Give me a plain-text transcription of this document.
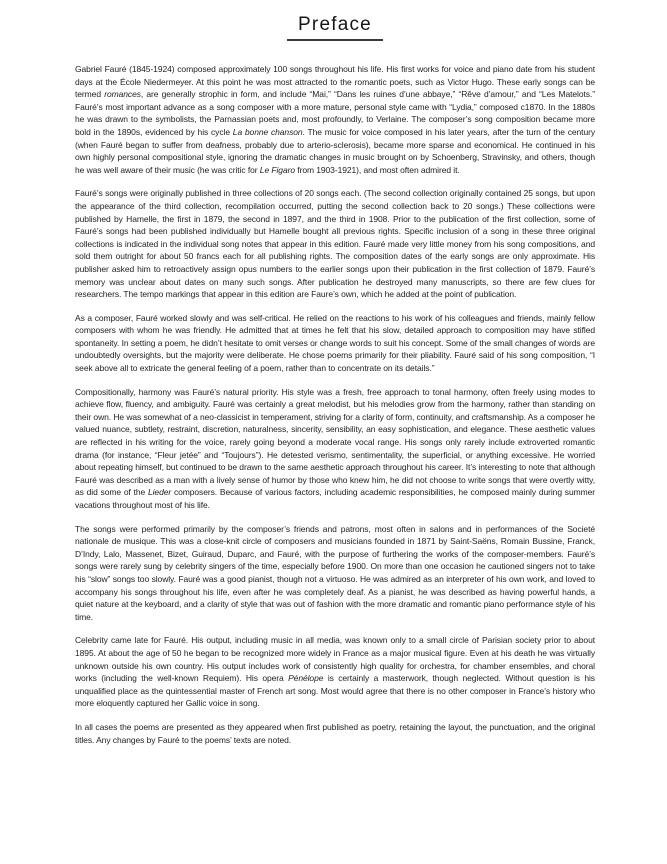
Preface

Gabriel Fauré (1845-1924) composed approximately 100 songs throughout his life. His first works for voice and piano date from his student days at the École Niedermeyer. At this point he was most attracted to the romantic poets, such as Victor Hugo. These early songs can be termed romances, are generally strophic in form, and include “Mai,” “Dans les ruines d’une abbaye,” “Rêve d’amour,” and “Les Matelots.” Fauré’s most important advance as a song composer with a more mature, personal style came with “Lydia,” composed c1870. In the 1880s he was drawn to the symbolists, the Parnassian poets and, most profoundly, to Verlaine. The composer’s song composition became more bold in the 1890s, evidenced by his cycle La bonne chanson. The music for voice composed in his later years, after the turn of the century (when Fauré began to suffer from deafness, probably due to arterio-sclerosis), became more sparse and economical. He continued in his own highly personal compositional style, ignoring the dramatic changes in music brought on by Schoenberg, Stravinsky, and others, though he was well aware of their music (he was critic for Le Figaro from 1903-1921), and most often admired it.

Fauré’s songs were originally published in three collections of 20 songs each. (The second collection originally contained 25 songs, but upon the appearance of the third collection, recompilation occurred, putting the second collection back to 20 songs.) These collections were published by Hamelle, the first in 1879, the second in 1897, and the third in 1908. Prior to the publication of the first collection, some of Fauré’s songs had been published individually but Hamelle bought all previous rights. Specific inclusion of a song in these three original collections is indicated in the individual song notes that appear in this edition. Fauré made very little money from his song compositions, and sold them outright for about 50 francs each for all publishing rights. The composition dates of the early songs are only approximate. His publisher asked him to retroactively assign opus numbers to the earlier songs upon their publication in the first collection of 1879. Fauré’s memory was unclear about dates on many such songs. After publication he destroyed many manuscripts, so there are few clues for researchers. The tempo markings that appear in this edition are Faure’s own, which he added at the point of publication.

As a composer, Fauré worked slowly and was self-critical. He relied on the reactions to his work of his colleagues and friends, mainly fellow composers with whom he was friendly. He admitted that at times he felt that his slow, detailed approach to composition may have stifled spontaneity. In setting a poem, he didn’t hesitate to omit verses or change words to suit his concept. Some of the small changes of words are undoubtedly oversights, but the majority were deliberate. He chose poems primarily for their pliability. Fauré said of his song composition, “I seek above all to extricate the general feeling of a poem, rather than to concentrate on its details.”

Compositionally, harmony was Fauré’s natural priority. His style was a fresh, free approach to tonal harmony, often freely using modes to achieve flow, fluency, and ambiguity. Fauré was certainly a great melodist, but his melodies grow from the harmony, rather than standing on their own. He was somewhat of a neo-classicist in temperament, striving for a clarity of form, continuity, and craftsmanship. As a composer he valued nuance, subtlety, restraint, discretion, naturalness, sincerity, sensibility, an easy sophistication, and elegance. These aesthetic values are reflected in his writing for the voice, rarely going beyond a moderate vocal range. His songs only rarely include extroverted romantic drama (for instance, “Fleur jetée” and “Toujours”). He detested verismo, sentimentality, the superficial, or anything excessive. He worried about repeating himself, but continued to be drawn to the same aesthetic approach throughout his career. It’s interesting to note that although Fauré was described as a man with a lively sense of humor by those who knew him, he did not choose to write songs that were overtly witty, as did some of the Lieder composers. Because of various factors, including academic responsibilities, he composed mainly during summer vacations throughout most of his life.

The songs were performed primarily by the composer’s friends and patrons, most often in salons and in performances of the Societé nationale de musique. This was a close-knit circle of composers and musicians founded in 1871 by Saint-Saëns, Romain Bussine, Franck, D’Indy, Lalo, Massenet, Bizet, Guiraud, Duparc, and Fauré, with the purpose of furthering the works of the composer-members. Fauré’s songs were rarely sung by celebrity singers of the time, especially before 1900. On more than one occasion he cautioned singers not to take his “slow” songs too slowly. Fauré was a good pianist, though not a virtuoso. He was admired as an interpreter of his own work, and loved to accompany his songs throughout his life, even after he was completely deaf. As a pianist, he was described as having powerful hands, a quiet nature at the keyboard, and a clarity of style that was out of fashion with the more dramatic and romantic piano performance style of his time.

Celebrity came late for Fauré. His output, including music in all media, was known only to a small circle of Parisian society prior to about 1895. At about the age of 50 he began to be recognized more widely in France as a major musical figure. Even at his death he was virtually unknown outside his own country. His output includes work of consistently high quality for orchestra, for chamber ensembles, and choral works (including the well-known Requiem). His opera Pénélope is certainly a masterwork, though neglected. Without question is his unqualified place as the quintessential master of French art song. Most would agree that there is no other composer in France’s history who more eloquently captured her Gallic voice in song.

In all cases the poems are presented as they appeared when first published as poetry, retaining the layout, the punctuation, and the original titles. Any changes by Fauré to the poems’ texts are noted.
